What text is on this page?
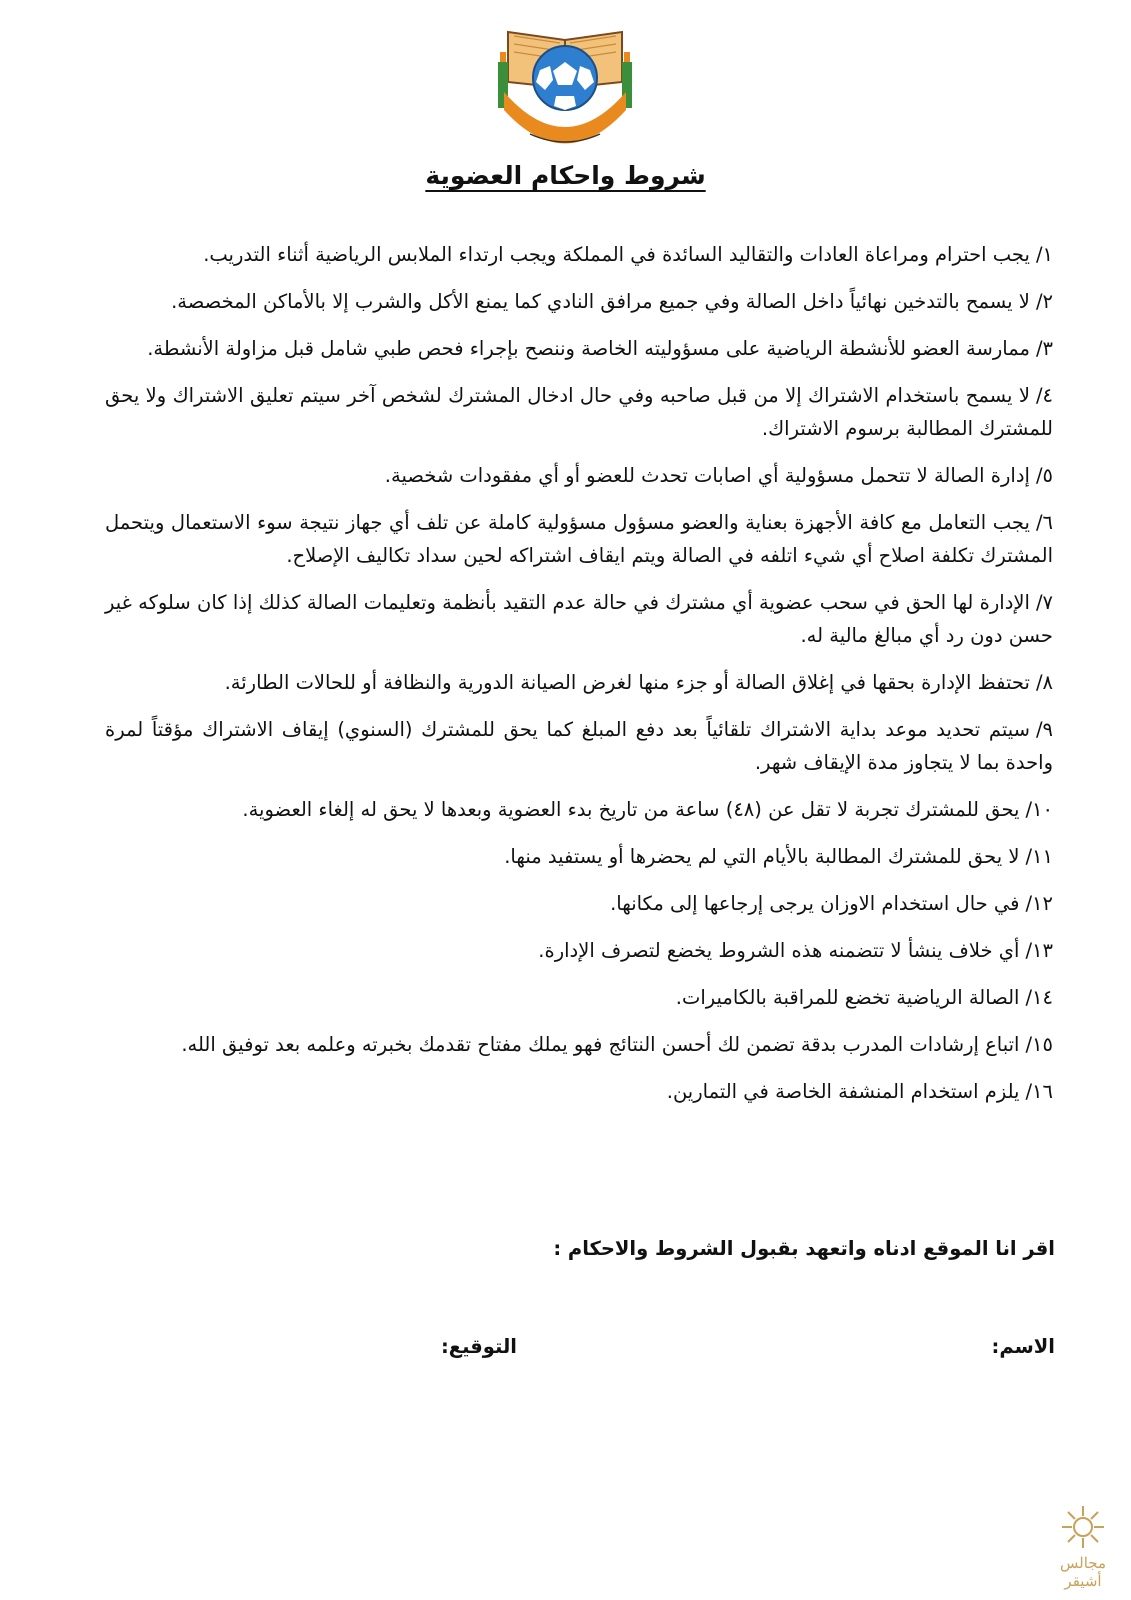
شروط واحكام العضوية
١/يجب احترام ومراعاة العادات والتقاليد السائدة في المملكة ويجب ارتداء الملابس الرياضية أثناء التدريب.
٢/لا يسمح بالتدخين نهائياً داخل الصالة وفي جميع مرافق النادي كما يمنع الأكل والشرب إلا بالأماكن المخصصة.
٣/ممارسة العضو للأنشطة الرياضية على مسؤوليته الخاصة وننصح بإجراء فحص طبي شامل قبل مزاولة الأنشطة.
٤/لا يسمح باستخدام الاشتراك إلا من قبل صاحبه وفي حال ادخال المشترك لشخص آخر سيتم تعليق الاشتراك ولا يحق للمشترك المطالبة برسوم الاشتراك.
٥/إدارة الصالة لا تتحمل مسؤولية أي اصابات تحدث للعضو أو أي مفقودات شخصية.
٦/يجب التعامل مع كافة الأجهزة بعناية والعضو مسؤول مسؤولية كاملة عن تلف أي جهاز نتيجة سوء الاستعمال ويتحمل المشترك تكلفة اصلاح أي شيء اتلفه في الصالة ويتم ايقاف اشتراكه لحين سداد تكاليف الإصلاح.
٧/الإدارة لها الحق في سحب عضوية أي مشترك في حالة عدم التقيد بأنظمة وتعليمات الصالة كذلك إذا كان سلوكه غير حسن دون رد أي مبالغ مالية له.
٨/تحتفظ الإدارة بحقها في إغلاق الصالة أو جزء منها لغرض الصيانة الدورية والنظافة أو للحالات الطارئة.
٩/سيتم تحديد موعد بداية الاشتراك تلقائياً بعد دفع المبلغ كما يحق للمشترك (السنوي) إيقاف الاشتراك مؤقتاً لمرة واحدة بما لا يتجاوز مدة الإيقاف شهر.
١٠/يحق للمشترك تجربة لا تقل عن (٤٨) ساعة من تاريخ بدء العضوية وبعدها لا يحق له إلغاء العضوية.
١١/لا يحق للمشترك المطالبة بالأيام التي لم يحضرها أو يستفيد منها.
١٢/في حال استخدام الاوزان يرجى إرجاعها إلى مكانها.
١٣/أي خلاف ينشأ لا تتضمنه هذه الشروط يخضع لتصرف الإدارة.
١٤/الصالة الرياضية تخضع للمراقبة بالكاميرات.
١٥/اتباع إرشادات المدرب بدقة تضمن لك أحسن النتائج فهو يملك مفتاح تقدمك بخبرته وعلمه بعد توفيق الله.
١٦/يلزم استخدام المنشفة الخاصة في التمارين.
اقر انا الموقع ادناه واتعهد بقبول الشروط والاحكام :
الاسم:
التوقيع:
مجالس أشيقر
